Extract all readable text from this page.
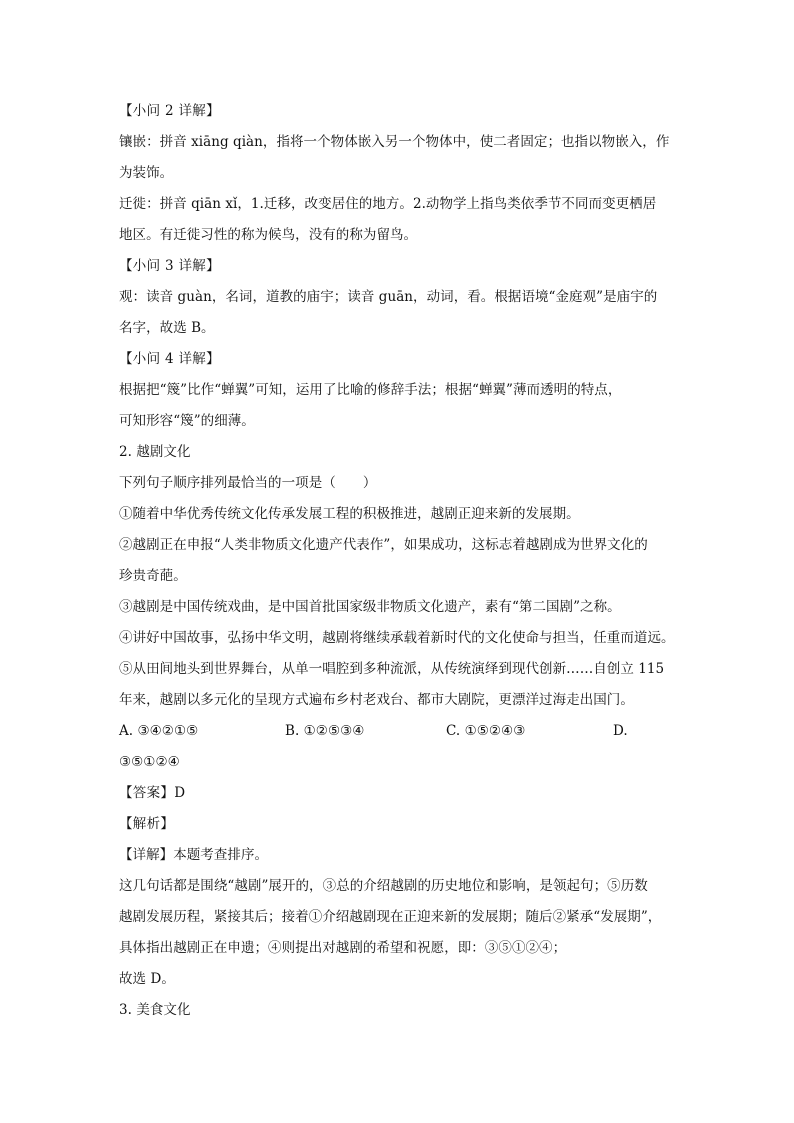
【小问 2 详解】
镶嵌：拼音 xiāng qiàn，指将一个物体嵌入另一个物体中，使二者固定；也指以物嵌入，作
为装饰。
迁徙：拼音 qiān xǐ，1.迁移，改变居住的地方。2.动物学上指鸟类依季节不同而变更栖居
地区。有迁徙习性的称为候鸟，没有的称为留鸟。
【小问 3 详解】
观：读音 guàn，名词，道教的庙宇；读音 guān，动词，看。根据语境“金庭观”是庙宇的
名字，故选 B。
【小问 4 详解】
根据把“篾”比作“蝉翼”可知，运用了比喻的修辞手法；根据“蝉翼”薄而透明的特点，
可知形容“篾”的细薄。
2. 越剧文化
下列句子顺序排列最恰当的一项是（　　）
①随着中华优秀传统文化传承发展工程的积极推进，越剧正迎来新的发展期。
②越剧正在申报“人类非物质文化遗产代表作”，如果成功，这标志着越剧成为世界文化的
珍贵奇葩。
③越剧是中国传统戏曲，是中国首批国家级非物质文化遗产，素有“第二国剧”之称。
④讲好中国故事，弘扬中华文明，越剧将继续承载着新时代的文化使命与担当，任重而道远。
⑤从田间地头到世界舞台，从单一唱腔到多种流派，从传统演绎到现代创新……自创立 115
年来，越剧以多元化的呈现方式遍布乡村老戏台、都市大剧院，更漂洋过海走出国门。
A. ③④②①⑤	B. ①②⑤③④	C. ①⑤②④③	D.
③⑤①②④
【答案】D
【解析】
【详解】本题考查排序。
这几句话都是围绕“越剧”展开的，③总的介绍越剧的历史地位和影响，是领起句；⑤历数
越剧发展历程，紧接其后；接着①介绍越剧现在正迎来新的发展期；随后②紧承“发展期”，
具体指出越剧正在申遗；④则提出对越剧的希望和祝愿，即：③⑤①②④；
故选 D。
3. 美食文化
